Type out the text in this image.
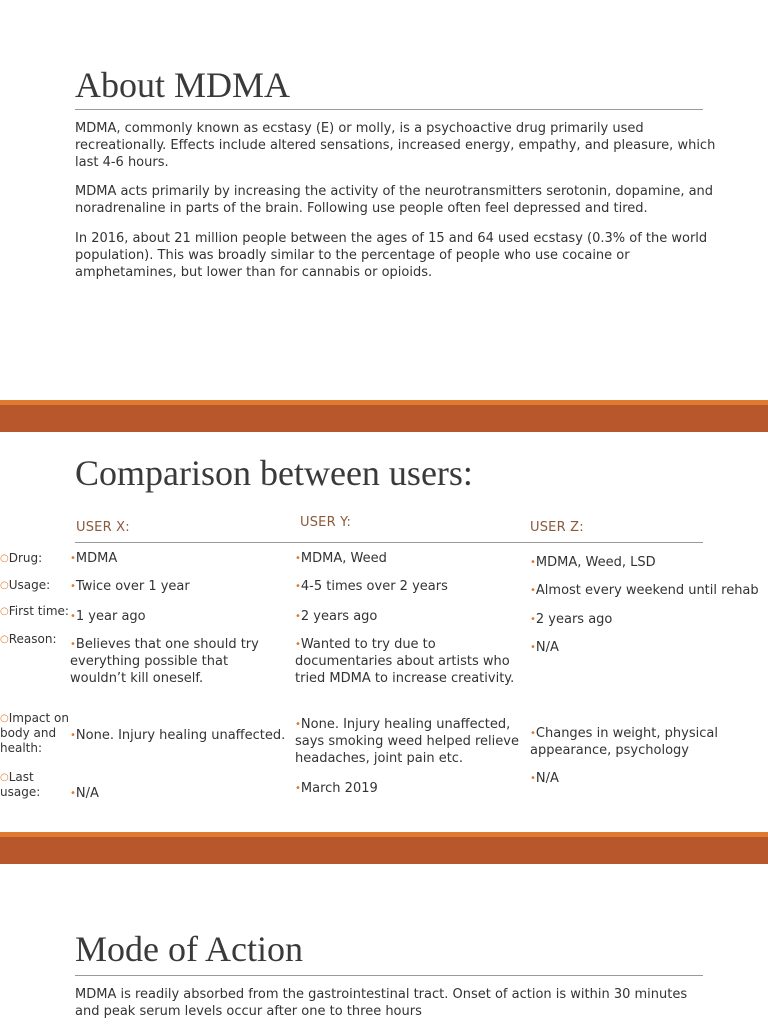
About MDMA

MDMA, commonly known as ecstasy (E) or molly, is a psychoactive drug primarily used recreationally. Effects include altered sensations, increased energy, empathy, and pleasure, which last 4-6 hours.

MDMA acts primarily by increasing the activity of the neurotransmitters serotonin, dopamine, and noradrenaline in parts of the brain. Following use people often feel depressed and tired.

In 2016, about 21 million people between the ages of 15 and 64 used ecstasy (0.3% of the world population). This was broadly similar to the percentage of people who use cocaine or amphetamines, but lower than for cannabis or opioids.

Comparison between users:
USER X:	USER Y:	USER Z:
○Drug:
○Usage:
○First time:
○Reason:
○Impact on body and health:
○Last usage:
•MDMA
•Twice over 1 year
•1 year ago
•Believes that one should try everything possible that wouldn’t kill oneself.
•None. Injury healing unaffected.
•N/A
•MDMA, Weed
•4-5 times over 2 years
•2 years ago
•Wanted to try due to documentaries about artists who tried MDMA to increase creativity.
•None. Injury healing unaffected, says smoking weed helped relieve headaches, joint pain etc.
•March 2019
•MDMA, Weed, LSD
•Almost every weekend until rehab
•2 years ago
•N/A
•Changes in weight, physical appearance, psychology
•N/A
Mode of Action

MDMA is readily absorbed from the gastrointestinal tract. Onset of action is within 30 minutes and peak serum levels occur after one to three hours
